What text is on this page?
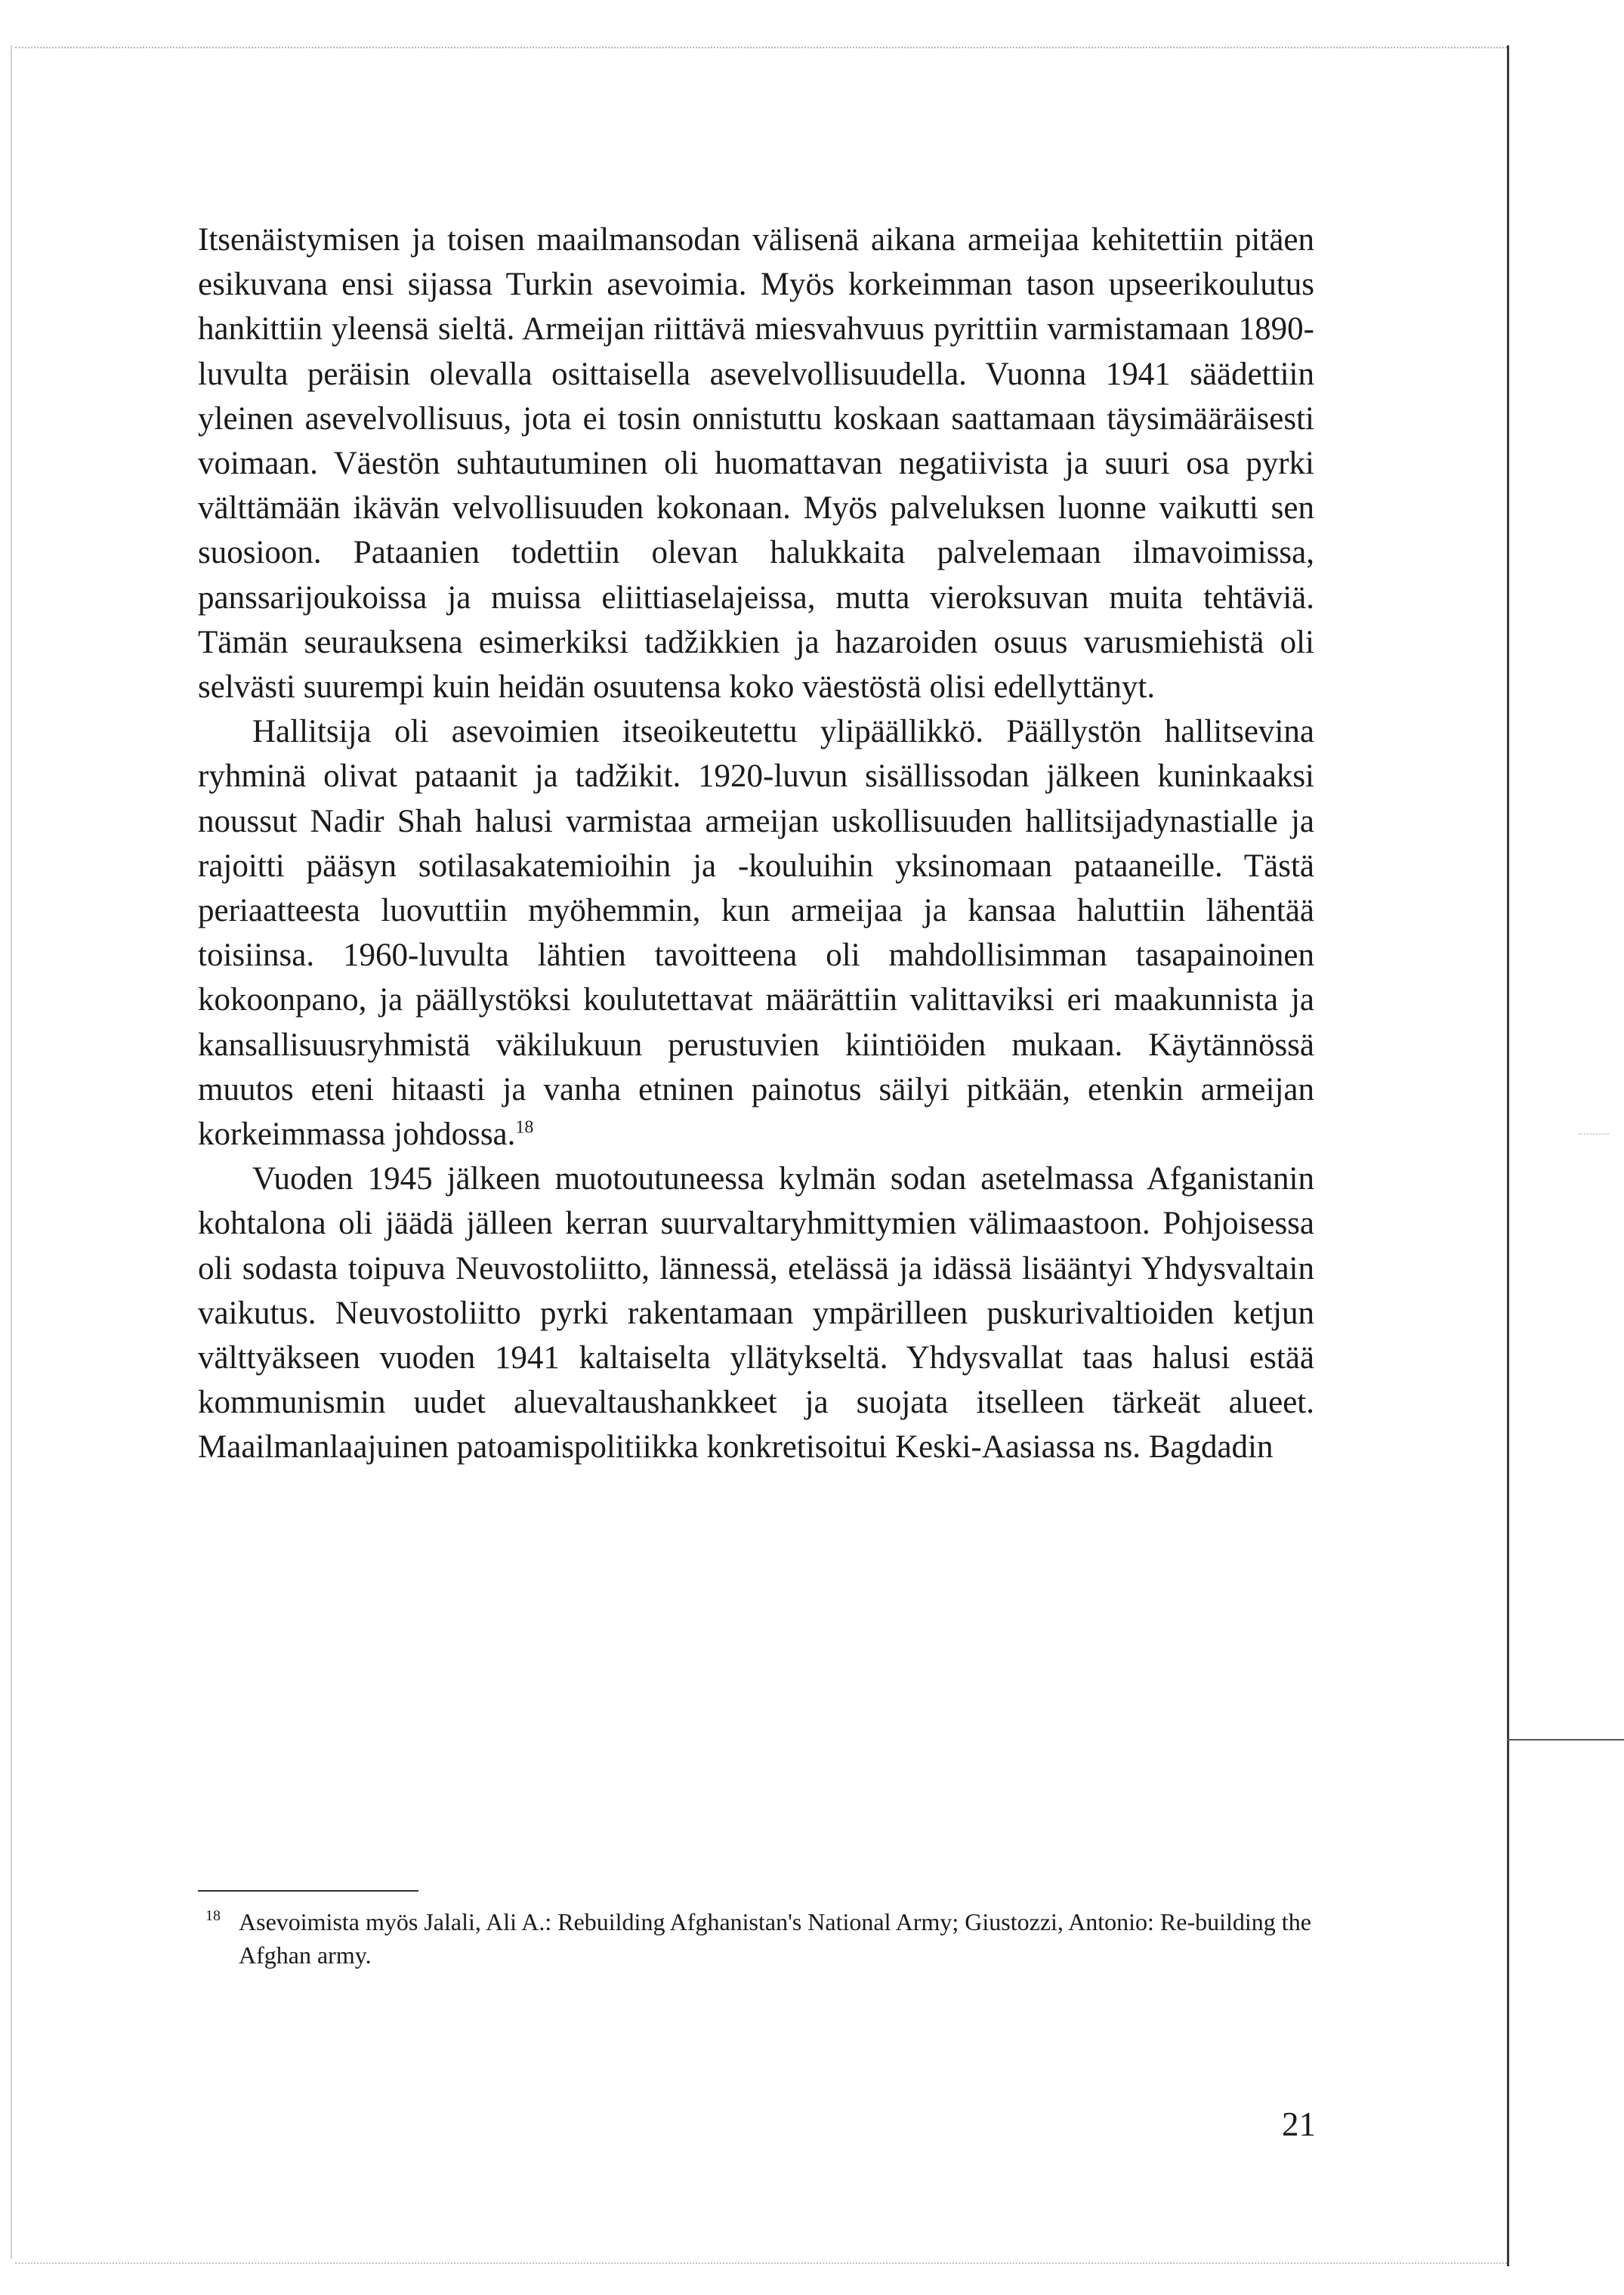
Itsenäistymisen ja toisen maailmansodan välisenä aikana armeijaa kehitettiin pitäen esikuvana ensi sijassa Turkin asevoimia. Myös korkeimman tason upseerikoulutus hankittiin yleensä sieltä. Armeijan riittävä miesvahvuus pyrittiin varmistamaan 1890-luvulta peräisin olevalla osittaisella asevelvollisuudella. Vuonna 1941 säädettiin yleinen asevelvollisuus, jota ei tosin onnistuttu koskaan saattamaan täysimääräisesti voimaan. Väestön suhtautuminen oli huomattavan negatiivista ja suuri osa pyrki välttämään ikävän velvollisuuden kokonaan. Myös palveluksen luonne vaikutti sen suosioon. Pataanien todettiin olevan halukkaita palvelemaan ilmavoimissa, panssarijoukoissa ja muissa eliittiaselajeissa, mutta vieroksuvan muita tehtäviä. Tämän seurauksena esimerkiksi tadžikkien ja hazaroiden osuus varusmiehistä oli selvästi suurempi kuin heidän osuutensa koko väestöstä olisi edellyttänyt.

Hallitsija oli asevoimien itseoikeutettu ylipäällikkö. Päällystön hallitsevina ryhminä olivat pataanit ja tadžikit. 1920-luvun sisällissodan jälkeen kuninkaaksi noussut Nadir Shah halusi varmistaa armeijan uskollisuuden hallitsijadynastialle ja rajoitti pääsyn sotilasakatemioihin ja -kouluihin yksinomaan pataaneille. Tästä periaatteesta luovuttiin myöhemmin, kun armeijaa ja kansaa haluttiin lähentää toisiinsa. 1960-luvulta lähtien tavoitteena oli mahdollisimman tasapainoinen kokoonpano, ja päällystöksi koulutettavat määrättiin valittaviksi eri maakunnista ja kansallisuusryhmistä väkilukuun perustuvien kiintiöiden mukaan. Käytännössä muutos eteni hitaasti ja vanha etninen painotus säilyi pitkään, etenkin armeijan korkeimmassa johdossa.$^{18}$

Vuoden 1945 jälkeen muotoutuneessa kylmän sodan asetelmassa Afganistanin kohtalona oli jäädä jälleen kerran suurvaltaryhmittymien välimaastoon. Pohjoisessa oli sodasta toipuva Neuvostoliitto, lännessä, etelässä ja idässä lisääntyi Yhdysvaltain vaikutus. Neuvostoliitto pyrki rakentamaan ympärilleen puskurivaltioiden ketjun välttyäkseen vuoden 1941 kaltaiselta yllätykseltä. Yhdysvallat taas halusi estää kommunismin uudet aluevaltaushankkeet ja suojata itselleen tärkeät alueet. Maailmanlaajuinen patoamispolitiikka konkretisoitui Keski-Aasiassa ns. Bagdadin

18 Asevoimista myös Jalali, Ali A.: Rebuilding Afghanistan's National Army; Giustozzi, Antonio: Re-building the Afghan army.
21
